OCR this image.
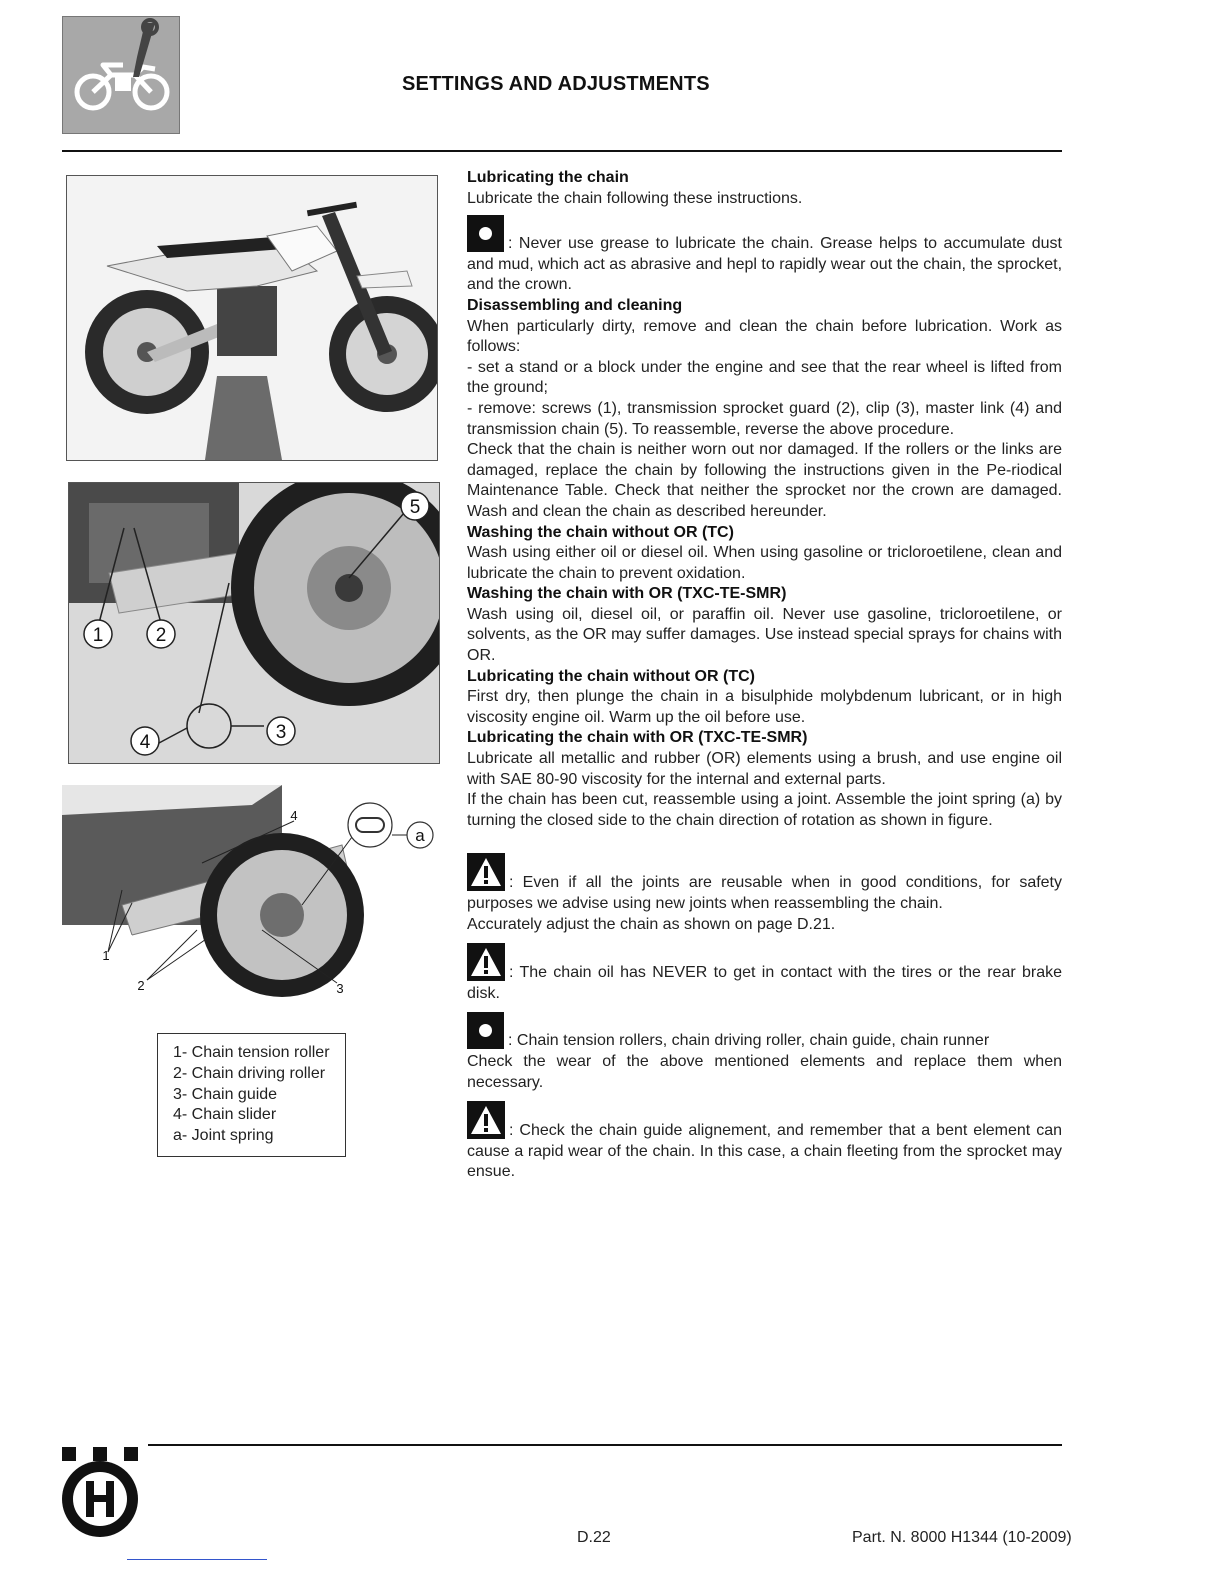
SETTINGS AND ADJUSTMENTS
1	2
3
4
5
1
2	3
4
a
1- Chain tension roller
2- Chain driving roller
3- Chain guide
4- Chain slider
a- Joint spring

Lubricating the chain

Lubricate the chain following these instructions.

: Never use grease to lubricate the chain. Grease helps to accumulate dust and mud, which act as abrasive and hepl to rapidly wear out the chain, the sprocket, and the crown.

Disassembling and cleaning

When particularly dirty, remove and clean the chain before lubrication. Work as follows:

- set a stand or a block under the engine and see that the rear wheel is lifted from the ground;

- remove: screws (1), transmission sprocket guard (2), clip (3), master link (4) and transmission chain (5). To reassemble, reverse the above procedure.

Check that the chain is neither worn out nor damaged. If the rollers or the links are damaged, replace the chain by following the instructions given in the Pe-riodical Maintenance Table. Check that neither the sprocket nor the crown are damaged. Wash and clean the chain as described hereunder.

Washing the chain without OR (TC)

Wash using either oil or diesel oil. When using gasoline or tricloroetilene, clean and lubricate the chain to prevent oxidation.

Washing the chain with OR (TXC-TE-SMR)

Wash using oil, diesel oil, or paraffin oil. Never use gasoline, tricloroetilene, or solvents, as the OR may suffer damages. Use instead special sprays for chains with OR.

Lubricating the chain without OR (TC)

First dry, then plunge the chain in a bisulphide molybdenum lubricant, or in high viscosity engine oil. Warm up the oil before use.

Lubricating the chain with OR (TXC-TE-SMR)

Lubricate all metallic and rubber (OR) elements using a brush, and use engine oil with SAE 80-90 viscosity for the internal and external parts.

If the chain has been cut, reassemble using a joint. Assemble the joint spring (a) by turning the closed side to the chain direction of rotation as shown in figure.

: Even if all the joints are reusable when in good conditions, for safety purposes we advise using new joints when reassembling the chain.

Accurately adjust the chain as shown on page D.21.

: The chain oil has NEVER to get in contact with the tires or the rear brake disk.

: Chain tension rollers, chain driving roller, chain guide, chain runner

Check the wear of the above mentioned elements and replace them when necessary.

: Check the chain guide alignement, and remember that a bent element can cause a rapid wear of the chain. In this case, a chain fleeting from the sprocket may ensue.

D.22	Part. N. 8000 H1344 (10-2009)
